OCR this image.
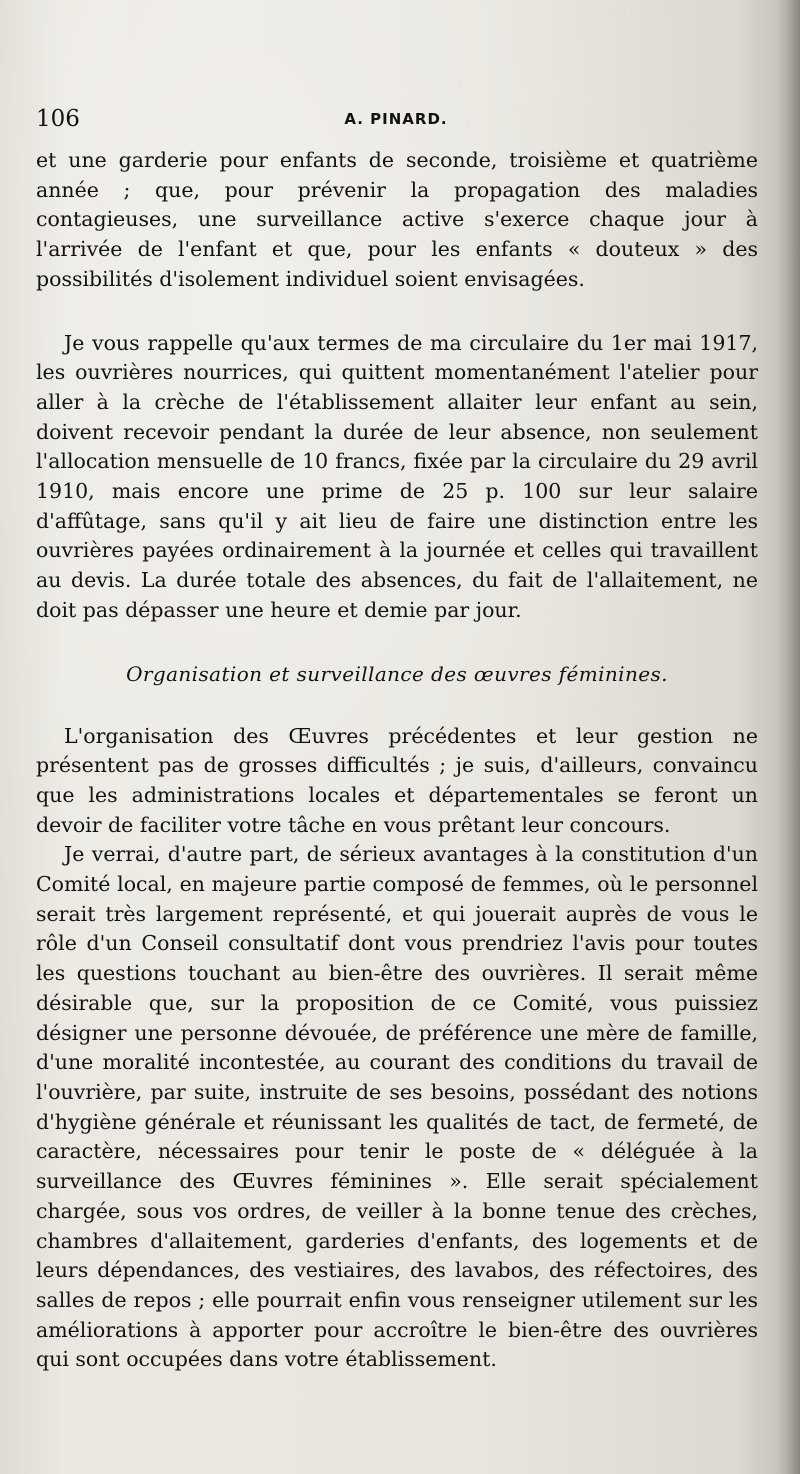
106	A. PINARD.

et une garderie pour enfants de seconde, troisième et quatrième année ; que, pour prévenir la propagation des maladies contagieuses, une surveillance active s'exerce chaque jour à l'arrivée de l'enfant et que, pour les enfants « douteux » des possibilités d'isolement individuel soient envisagées.

Je vous rappelle qu'aux termes de ma circulaire du 1er mai 1917, les ouvrières nourrices, qui quittent momentanément l'atelier pour aller à la crèche de l'établissement allaiter leur enfant au sein, doivent recevoir pendant la durée de leur absence, non seulement l'allocation mensuelle de 10 francs, fixée par la circulaire du 29 avril 1910, mais encore une prime de 25 p. 100 sur leur salaire d'affûtage, sans qu'il y ait lieu de faire une distinction entre les ouvrières payées ordinairement à la journée et celles qui travaillent au devis. La durée totale des absences, du fait de l'allaitement, ne doit pas dépasser une heure et demie par jour.

Organisation et surveillance des œuvres féminines.

L'organisation des Œuvres précédentes et leur gestion ne présentent pas de grosses difficultés ; je suis, d'ailleurs, convaincu que les administrations locales et départementales se feront un devoir de faciliter votre tâche en vous prêtant leur concours.

Je verrai, d'autre part, de sérieux avantages à la constitution d'un Comité local, en majeure partie composé de femmes, où le personnel serait très largement représenté, et qui jouerait auprès de vous le rôle d'un Conseil consultatif dont vous prendriez l'avis pour toutes les questions touchant au bien-être des ouvrières. Il serait même désirable que, sur la proposition de ce Comité, vous puissiez désigner une personne dévouée, de préférence une mère de famille, d'une moralité incontestée, au courant des conditions du travail de l'ouvrière, par suite, instruite de ses besoins, possédant des notions d'hygiène générale et réunissant les qualités de tact, de fermeté, de caractère, nécessaires pour tenir le poste de « déléguée à la surveillance des Œuvres féminines ». Elle serait spécialement chargée, sous vos ordres, de veiller à la bonne tenue des crèches, chambres d'allaitement, garderies d'enfants, des logements et de leurs dépendances, des vestiaires, des lavabos, des réfectoires, des salles de repos ; elle pourrait enfin vous renseigner utilement sur les améliorations à apporter pour accroître le bien-être des ouvrières qui sont occupées dans votre établissement.
